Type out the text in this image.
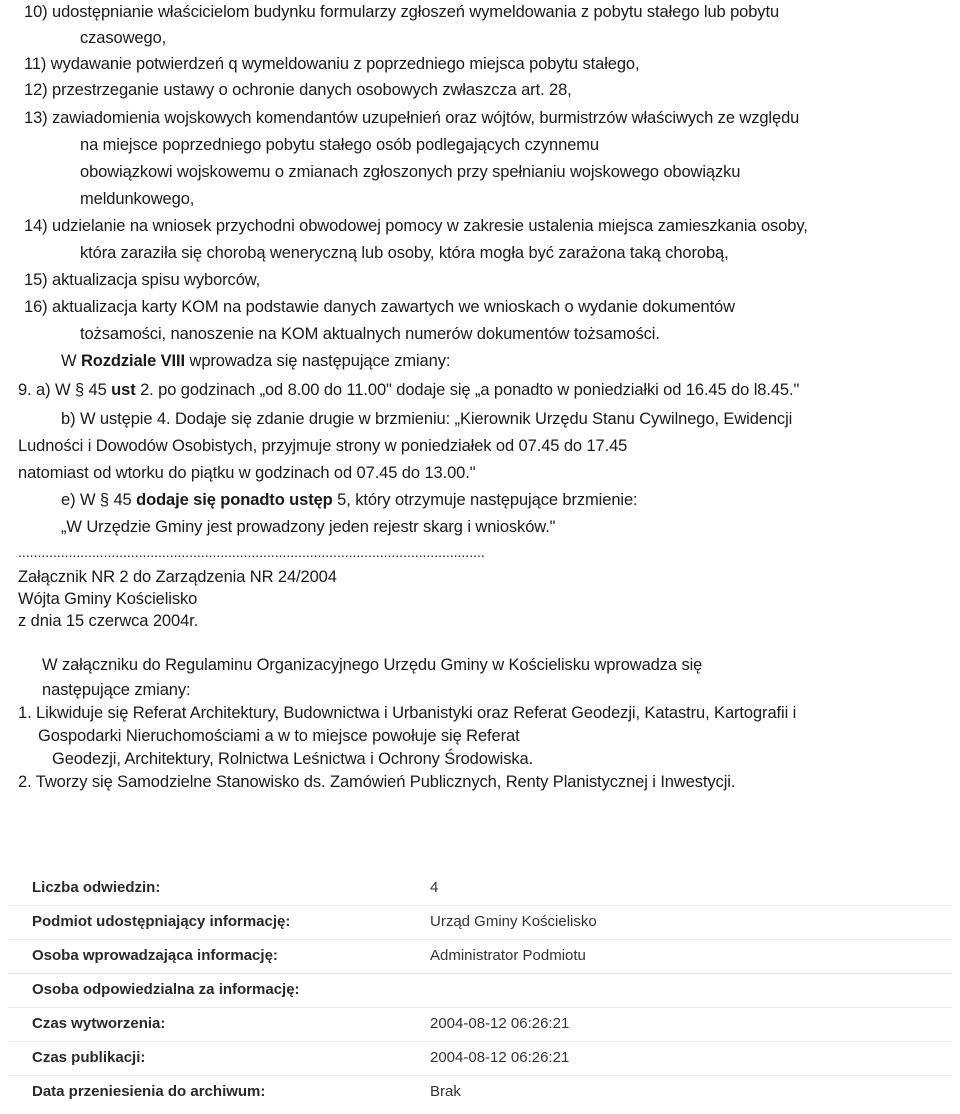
10) udostępnianie właścicielom budynku formularzy zgłoszeń wymeldowania z pobytu stałego lub pobytu
czasowego,
11) wydawanie potwierdzeń q wymeldowaniu z poprzedniego miejsca pobytu stałego,
12) przestrzeganie ustawy o ochronie danych osobowych zwłaszcza art. 28,
13) zawiadomienia wojskowych komendantów uzupełnień oraz wójtów, burmistrzów właściwych ze względu
na miejsce poprzedniego pobytu stałego osób podlegających czynnemu
obowiązkowi wojskowemu o zmianach zgłoszonych przy spełnianiu wojskowego obowiązku
meldunkowego,
14) udzielanie na wniosek przychodni obwodowej pomocy w zakresie ustalenia miejsca zamieszkania osoby,
która zaraziła się chorobą weneryczną lub osoby, która mogła być zarażona taką chorobą,
15) aktualizacja spisu wyborców,
16) aktualizacja karty KOM na podstawie danych zawartych we wnioskach o wydanie dokumentów
tożsamości, nanoszenie na KOM aktualnych numerów dokumentów tożsamości.
W Rozdziale VIII wprowadza się następujące zmiany:
9. a) W § 45 ust 2. po godzinach „od 8.00 do 11.00" dodaje się „a ponadto w poniedziałki od 16.45 do l8.45."
b) W ustępie 4. Dodaje się zdanie drugie w brzmieniu: „Kierownik Urzędu Stanu Cywilnego, Ewidencji
Ludności i Dowodów Osobistych, przyjmuje strony w poniedziałek od 07.45 do 17.45
natomiast od wtorku do piątku w godzinach od 07.45 do 13.00."
e) W § 45 dodaje się ponadto ustęp 5, który otrzymuje następujące brzmienie:
„W Urzędzie Gminy jest prowadzony jeden rejestr skarg i wniosków."
........................................................................................................................
Załącznik NR 2 do Zarządzenia NR 24/2004
Wójta Gminy Kościelisko
z dnia 15 czerwca 2004r.
W załączniku do Regulaminu Organizacyjnego Urzędu Gminy w Kościelisku wprowadza się
następujące zmiany:
1. Likwiduje się Referat Architektury, Budownictwa i Urbanistyki oraz Referat Geodezji, Katastru, Kartografii i
Gospodarki Nieruchomościami a w to miejsce powołuje się Referat
Geodezji, Architektury, Rolnictwa Leśnictwa i Ochrony Środowiska.
2. Tworzy się Samodzielne Stanowisko ds. Zamówień Publicznych, Renty Planistycznej i Inwestycji.
Liczba odwiedzin:	4
Podmiot udostępniający informację:	Urząd Gminy Kościelisko
Osoba wprowadzająca informację:	Administrator Podmiotu
Osoba odpowiedzialna za informację:
Czas wytworzenia:	2004-08-12 06:26:21
Czas publikacji:	2004-08-12 06:26:21
Data przeniesienia do archiwum:	Brak
